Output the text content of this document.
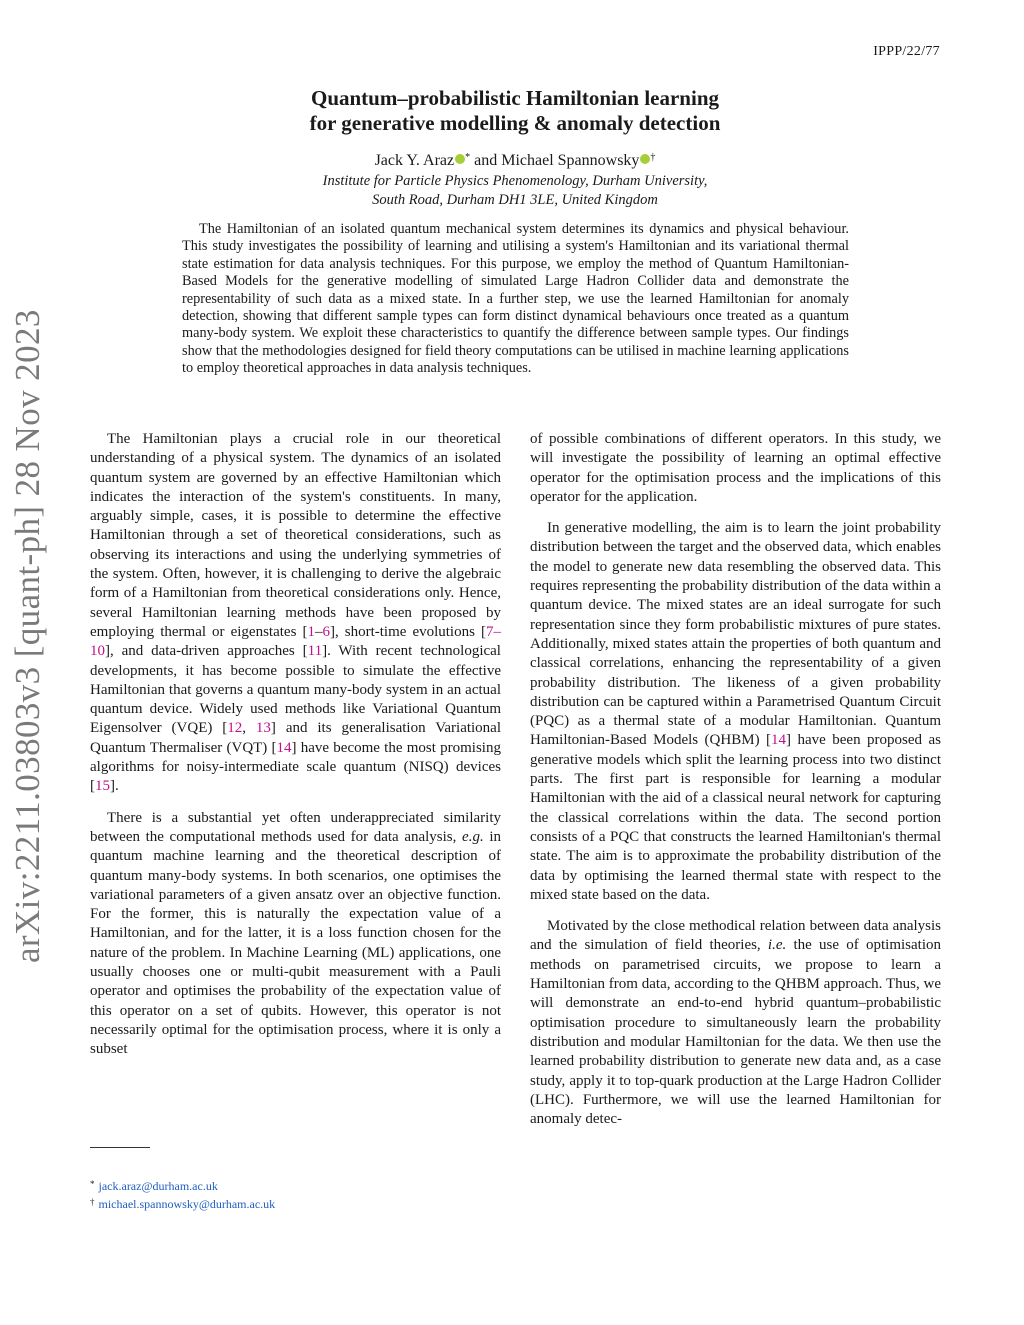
IPPP/22/77
arXiv:2211.03803v3 [quant-ph] 28 Nov 2023
Quantum–probabilistic Hamiltonian learning
for generative modelling & anomaly detection
Jack Y. Araz * and Michael Spannowsky †
Institute for Particle Physics Phenomenology, Durham University,
South Road, Durham DH1 3LE, United Kingdom

The Hamiltonian of an isolated quantum mechanical system determines its dynamics and physical behaviour. This study investigates the possibility of learning and utilising a system's Hamiltonian and its variational thermal state estimation for data analysis techniques. For this purpose, we employ the method of Quantum Hamiltonian-Based Models for the generative modelling of simulated Large Hadron Collider data and demonstrate the representability of such data as a mixed state. In a further step, we use the learned Hamiltonian for anomaly detection, showing that different sample types can form distinct dynamical behaviours once treated as a quantum many-body system. We exploit these characteristics to quantify the difference between sample types. Our findings show that the methodologies designed for field theory computations can be utilised in machine learning applications to employ theoretical approaches in data analysis techniques.

The Hamiltonian plays a crucial role in our theoretical understanding of a physical system. The dynamics of an isolated quantum system are governed by an effective Hamiltonian which indicates the interaction of the system's constituents. In many, arguably simple, cases, it is possible to determine the effective Hamiltonian through a set of theoretical considerations, such as observing its interactions and using the underlying symmetries of the system. Often, however, it is challenging to derive the algebraic form of a Hamiltonian from theoretical considerations only. Hence, several Hamiltonian learning methods have been proposed by employing thermal or eigenstates [1–6], short-time evolutions [7–10], and data-driven approaches [11]. With recent technological developments, it has become possible to simulate the effective Hamiltonian that governs a quantum many-body system in an actual quantum device. Widely used methods like Variational Quantum Eigensolver (VQE) [12, 13] and its generalisation Variational Quantum Thermaliser (VQT) [14] have become the most promising algorithms for noisy-intermediate scale quantum (NISQ) devices [15].

There is a substantial yet often underappreciated similarity between the computational methods used for data analysis, e.g. in quantum machine learning and the theoretical description of quantum many-body systems. In both scenarios, one optimises the variational parameters of a given ansatz over an objective function. For the former, this is naturally the expectation value of a Hamiltonian, and for the latter, it is a loss function chosen for the nature of the problem. In Machine Learning (ML) applications, one usually chooses one or multi-qubit measurement with a Pauli operator and optimises the probability of the expectation value of this operator on a set of qubits. However, this operator is not necessarily optimal for the optimisation process, where it is only a subset

of possible combinations of different operators. In this study, we will investigate the possibility of learning an optimal effective operator for the optimisation process and the implications of this operator for the application.

In generative modelling, the aim is to learn the joint probability distribution between the target and the observed data, which enables the model to generate new data resembling the observed data. This requires representing the probability distribution of the data within a quantum device. The mixed states are an ideal surrogate for such representation since they form probabilistic mixtures of pure states. Additionally, mixed states attain the properties of both quantum and classical correlations, enhancing the representability of a given probability distribution. The likeness of a given probability distribution can be captured within a Parametrised Quantum Circuit (PQC) as a thermal state of a modular Hamiltonian. Quantum Hamiltonian-Based Models (QHBM) [14] have been proposed as generative models which split the learning process into two distinct parts. The first part is responsible for learning a modular Hamiltonian with the aid of a classical neural network for capturing the classical correlations within the data. The second portion consists of a PQC that constructs the learned Hamiltonian's thermal state. The aim is to approximate the probability distribution of the data by optimising the learned thermal state with respect to the mixed state based on the data.

Motivated by the close methodical relation between data analysis and the simulation of field theories, i.e. the use of optimisation methods on parametrised circuits, we propose to learn a Hamiltonian from data, according to the QHBM approach. Thus, we will demonstrate an end-to-end hybrid quantum–probabilistic optimisation procedure to simultaneously learn the probability distribution and modular Hamiltonian for the data. We then use the learned probability distribution to generate new data and, as a case study, apply it to top-quark production at the Large Hadron Collider (LHC). Furthermore, we will use the learned Hamiltonian for anomaly detec-

* jack.araz@durham.ac.uk
† michael.spannowsky@durham.ac.uk
